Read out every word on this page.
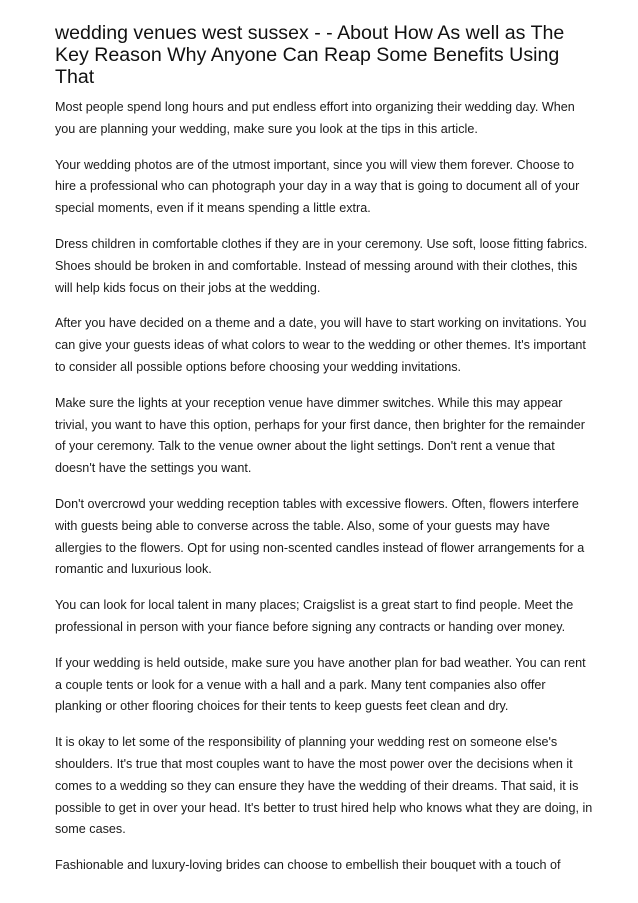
wedding venues west sussex - - About How As well as The Key Reason Why Anyone Can Reap Some Benefits Using That

Most people spend long hours and put endless effort into organizing their wedding day. When you are planning your wedding, make sure you look at the tips in this article.

Your wedding photos are of the utmost important, since you will view them forever. Choose to hire a professional who can photograph your day in a way that is going to document all of your special moments, even if it means spending a little extra.

Dress children in comfortable clothes if they are in your ceremony. Use soft, loose fitting fabrics. Shoes should be broken in and comfortable. Instead of messing around with their clothes, this will help kids focus on their jobs at the wedding.

After you have decided on a theme and a date, you will have to start working on invitations. You can give your guests ideas of what colors to wear to the wedding or other themes. It's important to consider all possible options before choosing your wedding invitations.

Make sure the lights at your reception venue have dimmer switches. While this may appear trivial, you want to have this option, perhaps for your first dance, then brighter for the remainder of your ceremony. Talk to the venue owner about the light settings. Don't rent a venue that doesn't have the settings you want.

Don't overcrowd your wedding reception tables with excessive flowers. Often, flowers interfere with guests being able to converse across the table. Also, some of your guests may have allergies to the flowers. Opt for using non-scented candles instead of flower arrangements for a romantic and luxurious look.

You can look for local talent in many places; Craigslist is a great start to find people. Meet the professional in person with your fiance before signing any contracts or handing over money.

If your wedding is held outside, make sure you have another plan for bad weather. You can rent a couple tents or look for a venue with a hall and a park. Many tent companies also offer planking or other flooring choices for their tents to keep guests feet clean and dry.

It is okay to let some of the responsibility of planning your wedding rest on someone else's shoulders. It's true that most couples want to have the most power over the decisions when it comes to a wedding so they can ensure they have the wedding of their dreams. That said, it is possible to get in over your head. It's better to trust hired help who knows what they are doing, in some cases.

Fashionable and luxury-loving brides can choose to embellish their bouquet with a touch of
